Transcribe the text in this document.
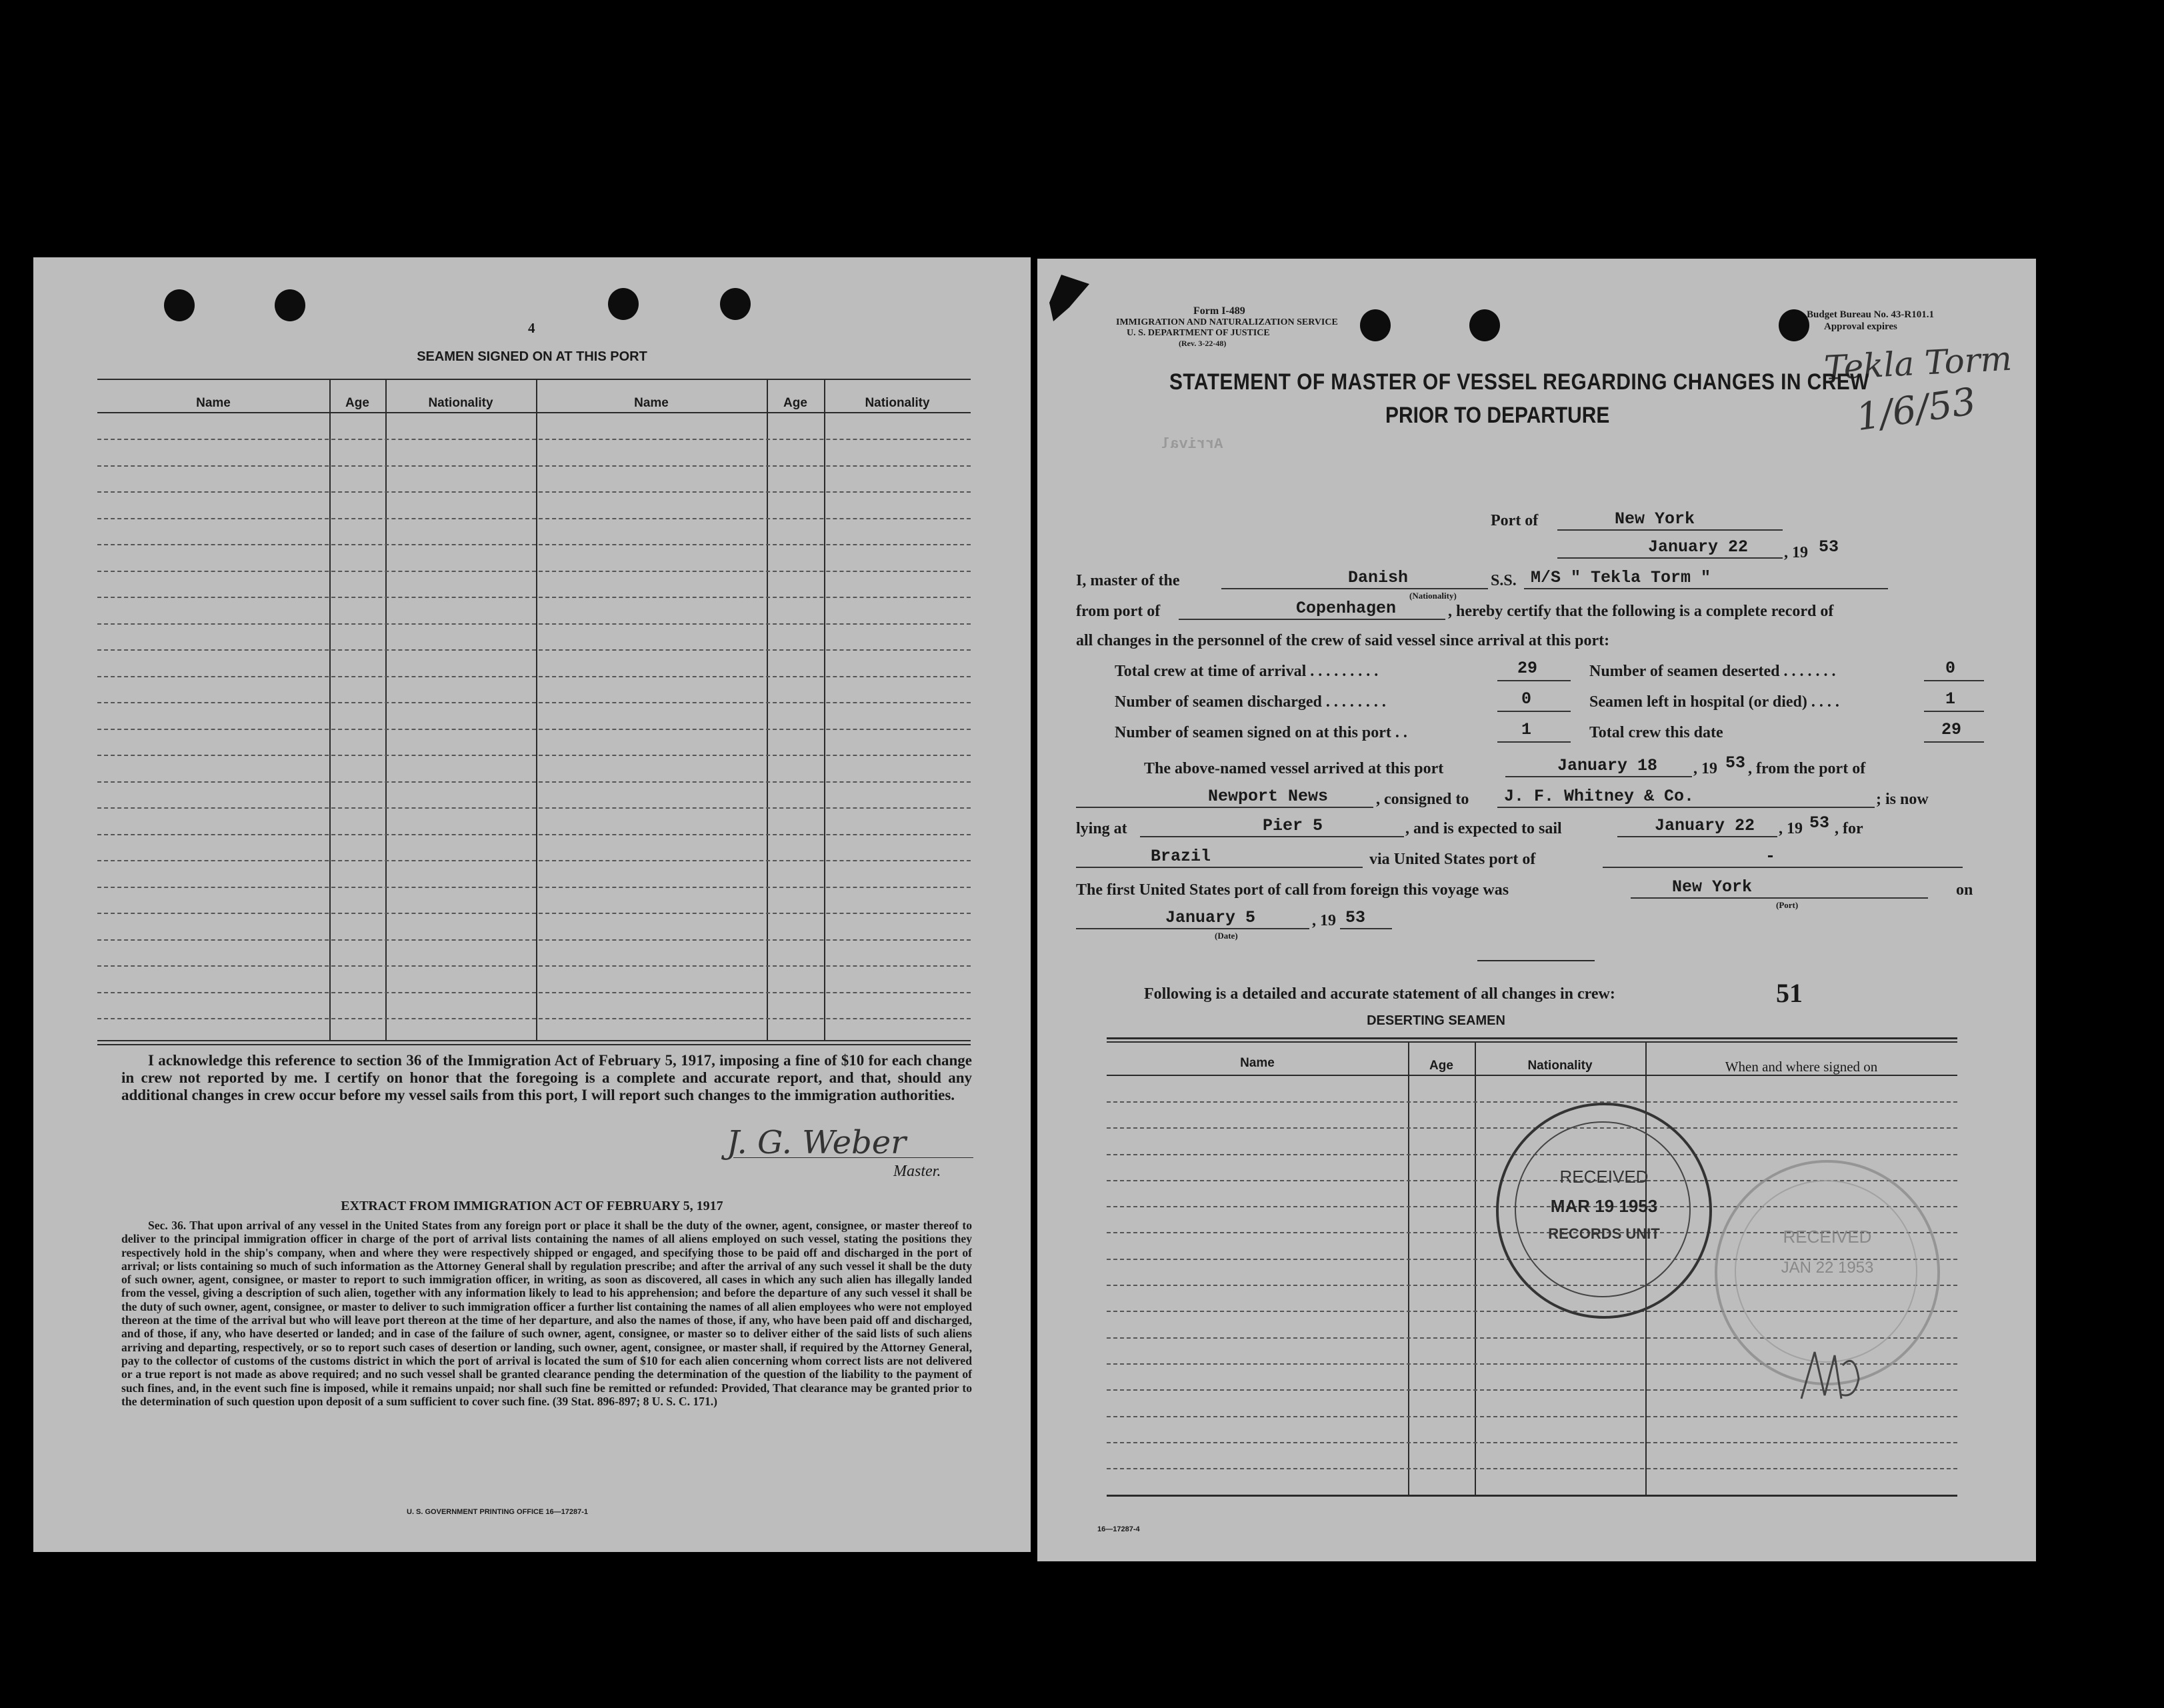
4
SEAMEN SIGNED ON AT THIS PORT
Name	Age	Nationality	Name	Age	Nationality
I acknowledge this reference to section 36 of the Immigration Act of February 5, 1917, imposing a fine of $10 for each change in crew not reported by me. I certify on honor that the foregoing is a complete and accurate report, and that, should any additional changes in crew occur before my vessel sails from this port, I will report such changes to the immigration authorities.
J. G. Weber
Master.
EXTRACT FROM IMMIGRATION ACT OF FEBRUARY 5, 1917
Sec. 36. That upon arrival of any vessel in the United States from any foreign port or place it shall be the duty of the owner, agent, consignee, or master thereof to deliver to the principal immigration officer in charge of the port of arrival lists containing the names of all aliens employed on such vessel, stating the positions they respectively hold in the ship's company, when and where they were respectively shipped or engaged, and specifying those to be paid off and discharged in the port of arrival; or lists containing so much of such information as the Attorney General shall by regulation prescribe; and after the arrival of any such vessel it shall be the duty of such owner, agent, consignee, or master to report to such immigration officer, in writing, as soon as discovered, all cases in which any such alien has illegally landed from the vessel, giving a description of such alien, together with any information likely to lead to his apprehension; and before the departure of any such vessel it shall be the duty of such owner, agent, consignee, or master to deliver to such immigration officer a further list containing the names of all alien employees who were not employed thereon at the time of the arrival but who will leave port thereon at the time of her departure, and also the names of those, if any, who have been paid off and discharged, and of those, if any, who have deserted or landed; and in case of the failure of such owner, agent, consignee, or master so to deliver either of the said lists of such aliens arriving and departing, respectively, or so to report such cases of desertion or landing, such owner, agent, consignee, or master shall, if required by the Attorney General, pay to the collector of customs of the customs district in which the port of arrival is located the sum of $10 for each alien concerning whom correct lists are not delivered or a true report is not made as above required; and no such vessel shall be granted clearance pending the determination of the question of the liability to the payment of such fines, and, in the event such fine is imposed, while it remains unpaid; nor shall such fine be remitted or refunded: Provided, That clearance may be granted prior to the determination of such question upon deposit of a sum sufficient to cover such fine. (39 Stat. 896-897; 8 U. S. C. 171.)
U. S. GOVERNMENT PRINTING OFFICE 16—17287-1
Form I-489
IMMIGRATION AND NATURALIZATION SERVICE
U. S. DEPARTMENT OF JUSTICE
(Rev. 3-22-48)
Budget Bureau No. 43-R101.1
Approval expires
Tekla Torm
1/6/53
STATEMENT OF MASTER OF VESSEL REGARDING CHANGES IN CREW
PRIOR TO DEPARTURE
Arrival
Port of	New York
January 22 , 19 53
I, master of the	Danish
(Nationality)
S.S. M/S " Tekla Torm "
from port of	Copenhagen	, hereby certify that the following is a complete record of
all changes in the personnel of the crew of said vessel since arrival at this port:
Total crew at time of arrival . . . . . . . . .	29	Number of seamen deserted . . . . . . .	0
Number of seamen discharged . . . . . . . .	0	Seamen left in hospital (or died) . . . .	1
Number of seamen signed on at this port . .	1	Total crew this date	29
The above-named vessel arrived at this port	January 18 , 19 53 , from the port of
Newport News	, consigned to J. F. Whitney & Co.	; is now
lying at	Pier 5	, and is expected to sail	January 22 , 19 53 , for
Brazil	via United States port of	-
The first United States port of call from foreign this voyage was	New York
(Port)
on
January 5
(Date)
, 19 53
Following is a detailed and accurate statement of all changes in crew:	51
DESERTING SEAMEN
Name	Age	Nationality	When and where signed on
RECEIVED
MAR 19 1953
RECORDS UNIT	RECEIVED
JAN 22 1953
16—17287-4
